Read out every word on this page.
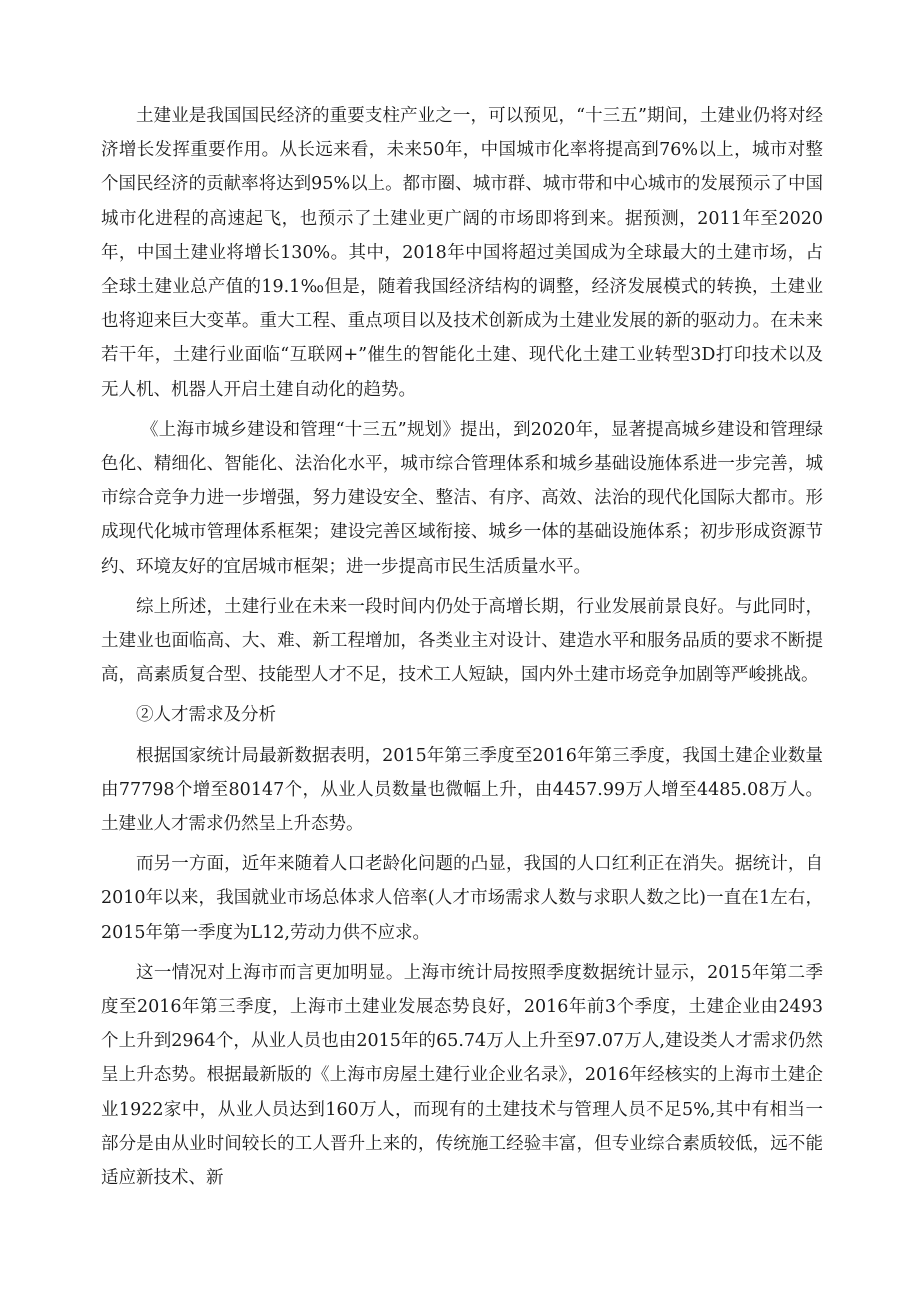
土建业是我国国民经济的重要支柱产业之一，可以预见，“十三五”期间，土建业仍将对经济增长发挥重要作用。从长远来看，未来50年，中国城市化率将提高到76%以上，城市对整个国民经济的贡献率将达到95%以上。都市圈、城市群、城市带和中心城市的发展预示了中国城市化进程的高速起飞，也预示了土建业更广阔的市场即将到来。据预测，2011年至2020年，中国土建业将增长130%。其中，2018年中国将超过美国成为全球最大的土建市场，占全球土建业总产值的19.1‰但是，随着我国经济结构的调整，经济发展模式的转换，土建业也将迎来巨大变革。重大工程、重点项目以及技术创新成为土建业发展的新的驱动力。在未来若干年，土建行业面临“互联网+”催生的智能化土建、现代化土建工业转型3D打印技术以及无人机、机器人开启土建自动化的趋势。

《上海市城乡建设和管理“十三五”规划》提出，到2020年，显著提高城乡建设和管理绿色化、精细化、智能化、法治化水平，城市综合管理体系和城乡基础设施体系进一步完善，城市综合竞争力进一步增强，努力建设安全、整洁、有序、高效、法治的现代化国际大都市。形成现代化城市管理体系框架；建设完善区域衔接、城乡一体的基础设施体系；初步形成资源节约、环境友好的宜居城市框架；进一步提高市民生活质量水平。

综上所述，土建行业在未来一段时间内仍处于高增长期，行业发展前景良好。与此同时，土建业也面临高、大、难、新工程增加，各类业主对设计、建造水平和服务品质的要求不断提高，高素质复合型、技能型人才不足，技术工人短缺，国内外土建市场竞争加剧等严峻挑战。

②人才需求及分析

根据国家统计局最新数据表明，2015年第三季度至2016年第三季度，我国土建企业数量由77798个增至80147个，从业人员数量也微幅上升，由4457.99万人增至4485.08万人。土建业人才需求仍然呈上升态势。

而另一方面，近年来随着人口老龄化问题的凸显，我国的人口红利正在消失。据统计，自2010年以来，我国就业市场总体求人倍率(人才市场需求人数与求职人数之比)一直在1左右，2015年第一季度为L12,劳动力供不应求。

这一情况对上海市而言更加明显。上海市统计局按照季度数据统计显示，2015年第二季度至2016年第三季度，上海市土建业发展态势良好，2016年前3个季度，土建企业由2493个上升到2964个，从业人员也由2015年的65.74万人上升至97.07万人,建设类人才需求仍然呈上升态势。根据最新版的《上海市房屋土建行业企业名录》，2016年经核实的上海市土建企业1922家中，从业人员达到160万人，而现有的土建技术与管理人员不足5%,其中有相当一部分是由从业时间较长的工人晋升上来的，传统施工经验丰富，但专业综合素质较低，远不能适应新技术、新
